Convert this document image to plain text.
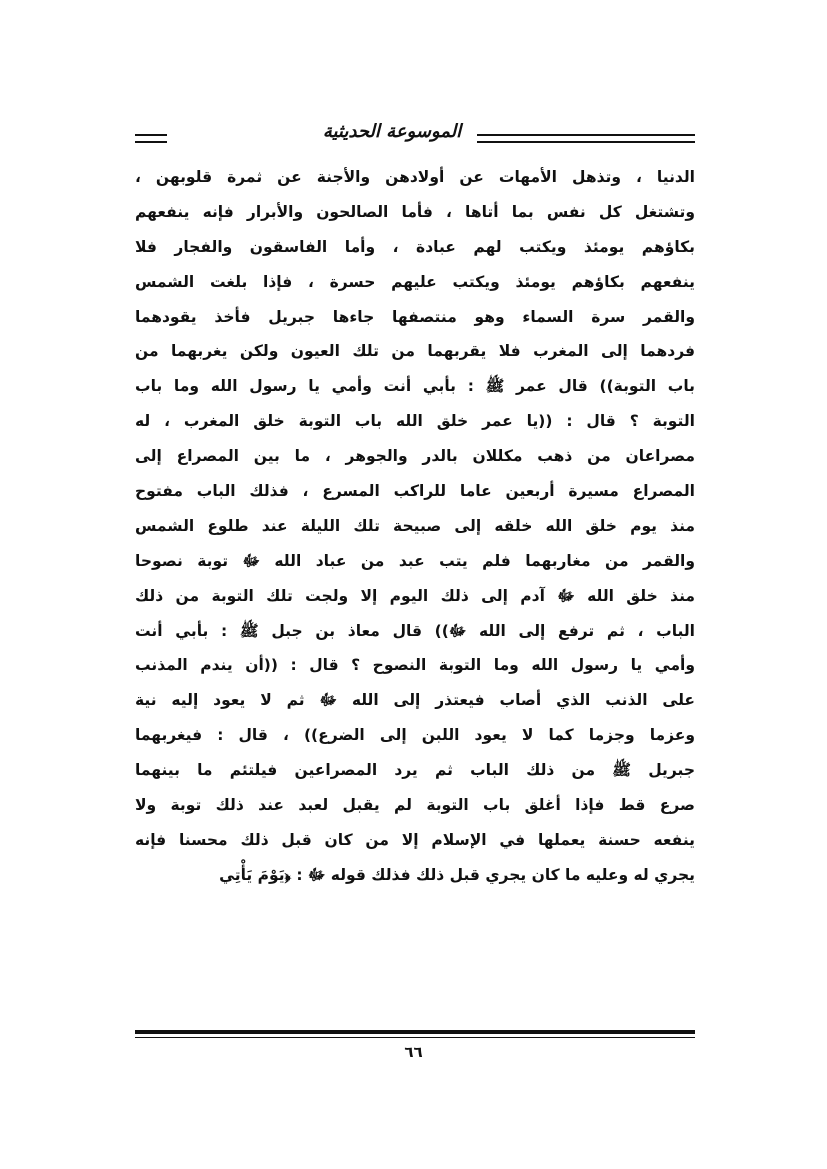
الموسوعة الحديثية
الدنيا ، وتذهل الأمهات عن أولادهن والأجنة عن ثمرة قلوبهن ،
وتشتغل كل نفس بما أتاها ، فأما الصالحون والأبرار فإنه ينفعهم
بكاؤهم يومئذ ويكتب لهم عبادة ، وأما الفاسقون والفجار فلا
ينفعهم بكاؤهم يومئذ ويكتب عليهم حسرة ، فإذا بلغت الشمس
والقمر سرة السماء وهو منتصفها جاءها جبريل فأخذ يقودهما
فردهما إلى المغرب فلا يقربهما من تلك العيون ولكن يغربهما من
باب التوبة)) قال عمر ﷺ : بأبي أنت وأمي يا رسول الله وما باب
التوبة ؟ قال : ((يا عمر خلق الله باب التوبة خلق المغرب ، له
مصراعان من ذهب مكللان بالدر والجوهر ، ما بين المصراع إلى
المصراع مسيرة أربعين عاما للراكب المسرع ، فذلك الباب مفتوح
منذ يوم خلق الله خلقه إلى صبيحة تلك الليلة عند طلوع الشمس
والقمر من مغاربهما فلم يتب عبد من عباد الله ﷻ توبة نصوحا
منذ خلق الله ﷻ آدم إلى ذلك اليوم إلا ولجت تلك التوبة من ذلك
الباب ، ثم ترفع إلى الله ﷻ)) قال معاذ بن جبل ﷺ : بأبي أنت
وأمي يا رسول الله وما التوبة النصوح ؟ قال : ((أن يندم المذنب
على الذنب الذي أصاب فيعتذر إلى الله ﷻ ثم لا يعود إليه نية
وعزما وجزما كما لا يعود اللبن إلى الضرع)) ، قال : فيغربهما
جبريل ﷺ من ذلك الباب ثم يرد المصراعين فيلتئم ما بينهما
صرع قط فإذا أغلق باب التوبة لم يقبل لعبد عند ذلك توبة ولا
ينفعه حسنة يعملها في الإسلام إلا من كان قبل ذلك محسنا فإنه
يجري له وعليه ما كان يجري قبل ذلك فذلك قوله ﷻ : ﴿يَوْمَ يَأْتِي
٦٦
